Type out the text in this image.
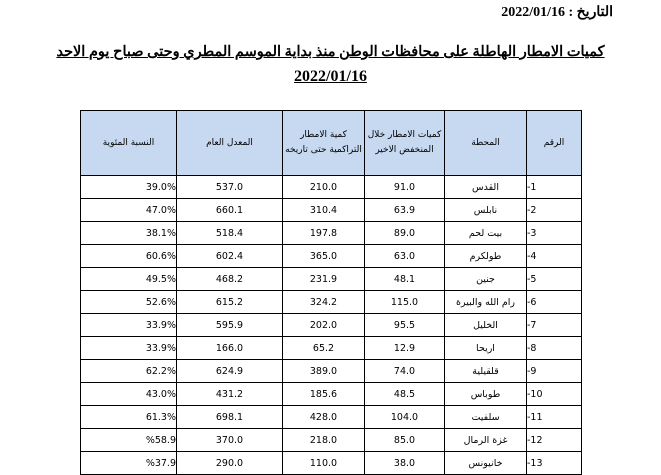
التاريخ : 2022/01/16
كميات الامطار الهاطلة على محافظات الوطن منذ بداية الموسم المطري وحتى صباح يوم الاحد
2022/01/16
النسبة المئوية	المعدل العام	كمية الامطار التراكمية حتى تاريخه	كميات الامطار خلال المنخفض الاخير	المحطة	الرقم
39.0%	537.0	210.0	91.0	القدس	-1
47.0%	660.1	310.4	63.9	نابلس	-2
38.1%	518.4	197.8	89.0	بيت لحم	-3
60.6%	602.4	365.0	63.0	طولكرم	-4
49.5%	468.2	231.9	48.1	جنين	-5
52.6%	615.2	324.2	115.0	رام الله والبيرة	-6
33.9%	595.9	202.0	95.5	الخليل	-7
33.9%	166.0	65.2	12.9	اريحا	-8
62.2%	624.9	389.0	74.0	قلقيلية	-9
43.0%	431.2	185.6	48.5	طوباس	-10
61.3%	698.1	428.0	104.0	سلفيت	-11
%58.9	370.0	218.0	85.0	غزة الرمال	-12
%37.9	290.0	110.0	38.0	خانيونس	-13
